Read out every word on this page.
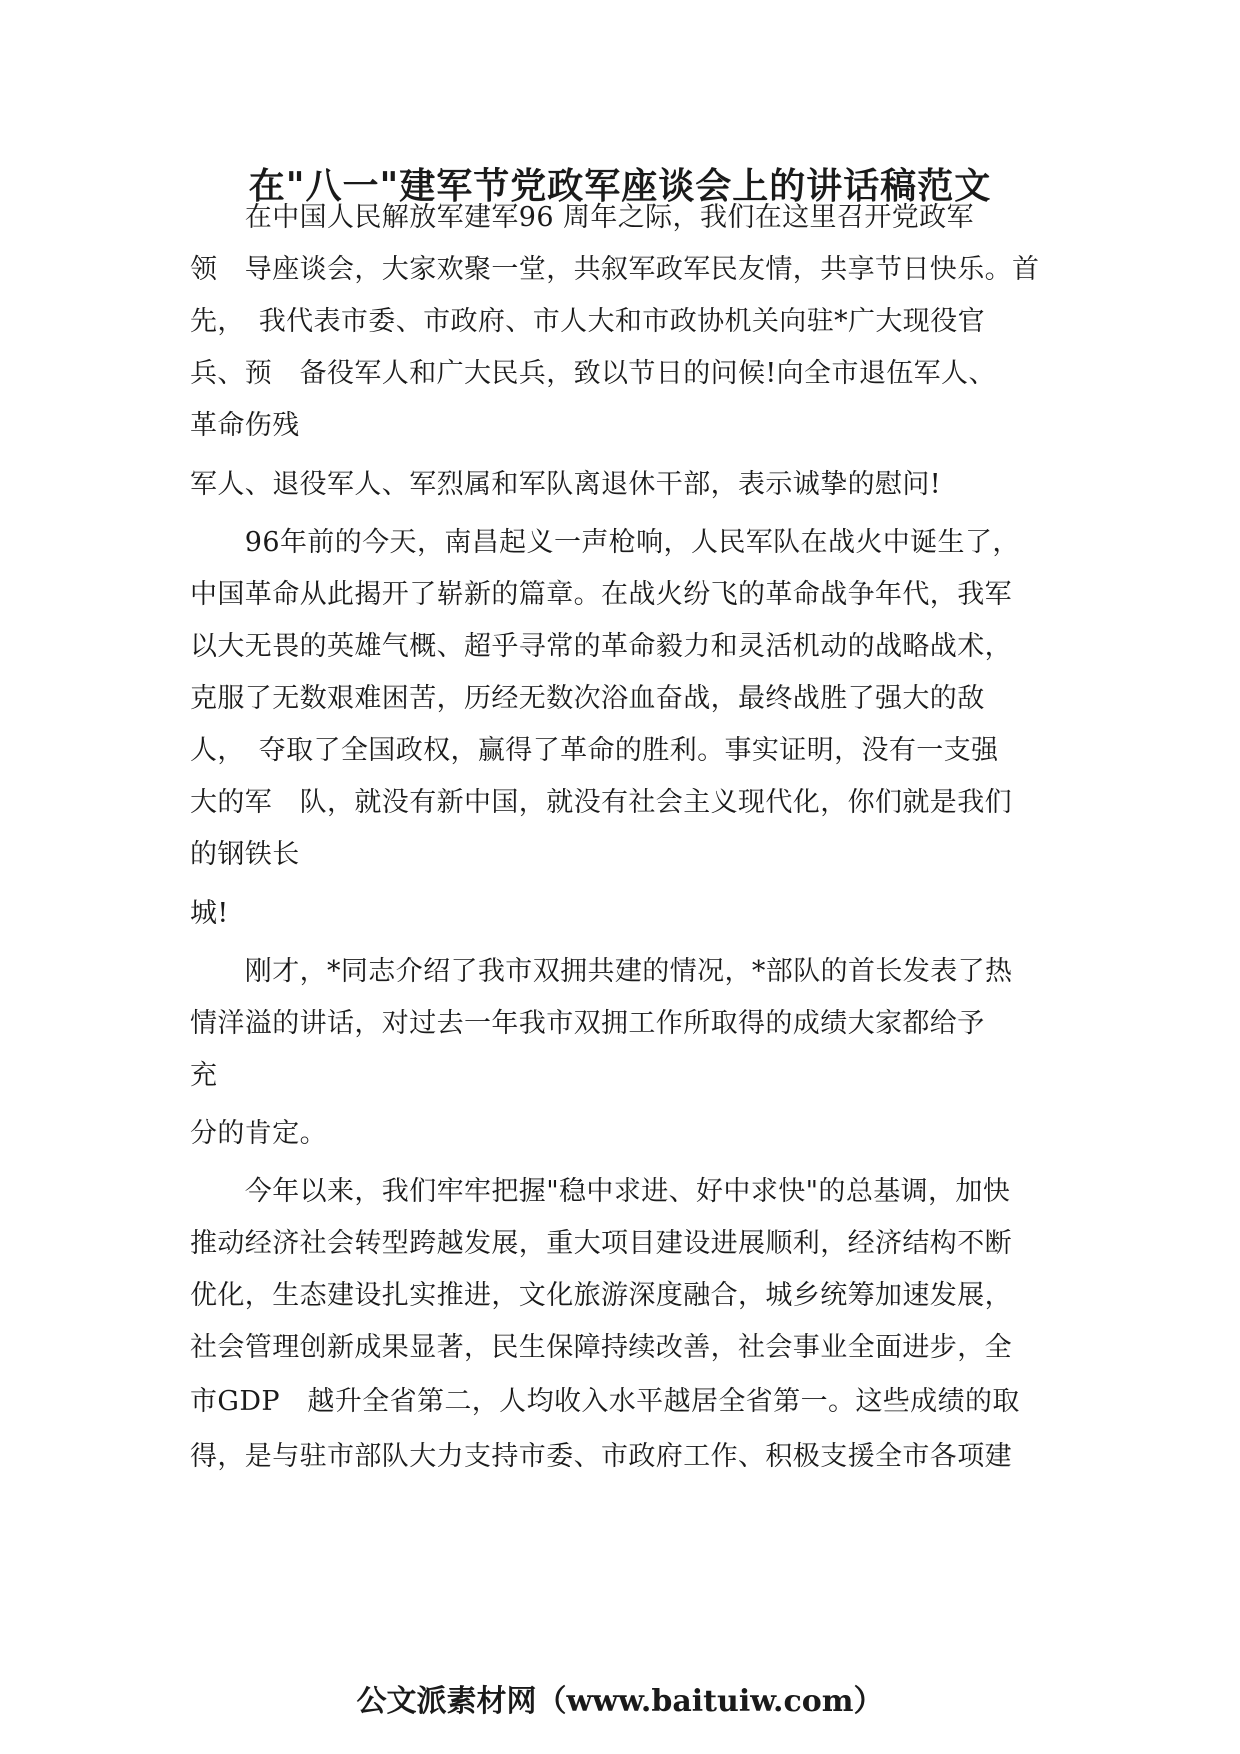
在"八一"建军节党政军座谈会上的讲话稿范文
　　在中国人民解放军建军96 周年之际，我们在这里召开党政军
领　导座谈会，大家欢聚一堂，共叙军政军民友情，共享节日快乐。首
先，　我代表市委、市政府、市人大和市政协机关向驻*广大现役官
兵、预　备役军人和广大民兵，致以节日的问候!向全市退伍军人、
革命伤残
军人、退役军人、军烈属和军队离退休干部，表示诚挚的慰问!
　　96年前的今天，南昌起义一声枪响，人民军队在战火中诞生了，
中国革命从此揭开了崭新的篇章。在战火纷飞的革命战争年代，我军
以大无畏的英雄气概、超乎寻常的革命毅力和灵活机动的战略战术，
克服了无数艰难困苦，历经无数次浴血奋战，最终战胜了强大的敌
人，　夺取了全国政权，赢得了革命的胜利。事实证明，没有一支强
大的军　队，就没有新中国，就没有社会主义现代化，你们就是我们
的钢铁长
城!
　　刚才，*同志介绍了我市双拥共建的情况，*部队的首长发表了热
情洋溢的讲话，对过去一年我市双拥工作所取得的成绩大家都给予
充
分的肯定。
　　今年以来，我们牢牢把握"稳中求进、好中求快"的总基调，加快
推动经济社会转型跨越发展，重大项目建设进展顺利，经济结构不断
优化，生态建设扎实推进，文化旅游深度融合，城乡统筹加速发展，
社会管理创新成果显著，民生保障持续改善，社会事业全面进步，全
市GDP　越升全省第二，人均收入水平越居全省第一。这些成绩的取
得，是与驻市部队大力支持市委、市政府工作、积极支援全市各项建
公文派素材网（www.baituiw.com）
